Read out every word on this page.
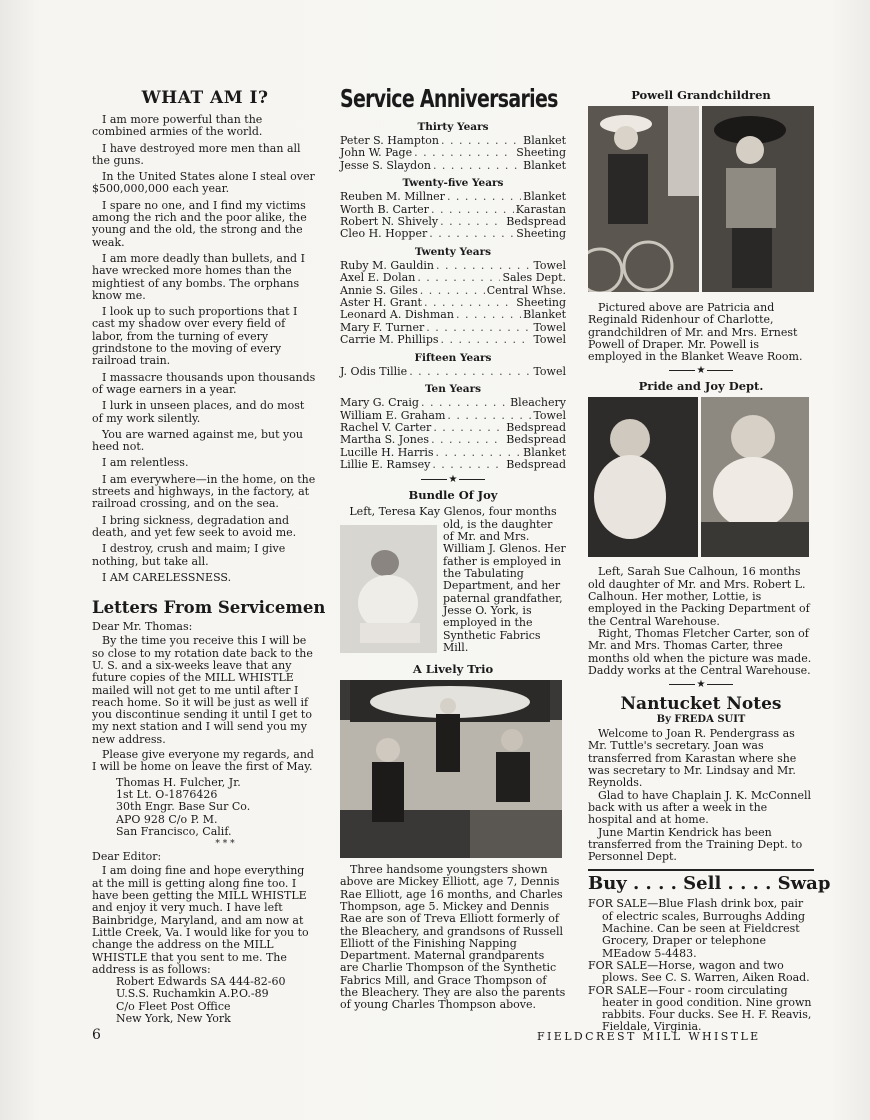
WHAT AM I?

I am more powerful than the combined armies of the world.

I have destroyed more men than all the guns.

In the United States alone I steal over $500,000,000 each year.

I spare no one, and I find my victims among the rich and the poor alike, the young and the old, the strong and the weak.

I am more deadly than bullets, and I have wrecked more homes than the mightiest of any bombs. The orphans know me.

I look up to such proportions that I cast my shadow over every field of labor, from the turning of every grindstone to the moving of every railroad train.

I massacre thousands upon thousands of wage earners in a year.

I lurk in unseen places, and do most of my work silently.

You are warned against me, but you heed not.

I am relentless.

I am everywhere—in the home, on the streets and highways, in the factory, at railroad crossing, and on the sea.

I bring sickness, degradation and death, and yet few seek to avoid me.

I destroy, crush and maim; I give nothing, but take all.

I AM CARELESSNESS.

Letters From Servicemen

Dear Mr. Thomas:

By the time you receive this I will be so close to my rotation date back to the U. S. and a six-weeks leave that any future copies of the MILL WHISTLE mailed will not get to me until after I reach home. So it will be just as well if you discontinue sending it until I get to my next station and I will send you my new address.

Please give everyone my regards, and I will be home on leave the first of May.

Thomas H. Fulcher, Jr.
1st Lt. O-1876426
30th Engr. Base Sur Co.
APO 928 C/o P. M.
San Francisco, Calif.
* * *

Dear Editor:

I am doing fine and hope everything at the mill is getting along fine too. I have been getting the MILL WHISTLE and enjoy it very much. I have left Bainbridge, Maryland, and am now at Little Creek, Va. I would like for you to change the address on the MILL WHISTLE that you sent to me. The address is as follows:

Robert Edwards SA 444-82-60
U.S.S. Ruchamkin A.P.O.-89
C/o Fleet Post Office
New York, New York
Service Anniversaries
Thirty Years
Peter S. Hampton . . .	Blanket
John W. Page . . .	Sheeting
Jesse S. Slaydon . . .	Blanket
Twenty-five Years
Reuben M. Millner . . .	Blanket
Worth B. Carter . . .	Karastan
Robert N. Shively . . .	Bedspread
Cleo H. Hopper . . .	Sheeting
Twenty Years
Ruby M. Gauldin . . .	Towel
Axel E. Dolan . . .	Sales Dept.
Annie S. Giles . . .	Central Whse.
Aster H. Grant . . .	Sheeting
Leonard A. Dishman . . .	Blanket
Mary F. Turner . . .	Towel
Carrie M. Phillips . . .	Towel
Fifteen Years
J. Odis Tillie . . .	Towel
Ten Years
Mary G. Craig . . .	Bleachery
William E. Graham . . .	Towel
Rachel V. Carter . . .	Bedspread
Martha S. Jones . . .	Bedspread
Lucille H. Harris . . .	Blanket
Lillie E. Ramsey . . .	Bedspread
★
Bundle Of Joy

Left, Teresa Kay Glenos, four months

old, is the daughter of Mr. and Mrs. William J. Glenos. Her father is employed in the Tabulating Department, and her paternal grandfather, Jesse O. York, is employed in the Synthetic Fabrics Mill.

A Lively Trio

Three handsome youngsters shown above are Mickey Elliott, age 7, Dennis Rae Elliott, age 16 months, and Charles Thompson, age 5. Mickey and Dennis Rae are son of Treva Elliott formerly of the Bleachery, and grandsons of Russell Elliott of the Finishing Napping Department. Maternal grandparents are Charlie Thompson of the Synthetic Fabrics Mill, and Grace Thompson of the Bleachery. They are also the parents of young Charles Thompson above.

Powell Grandchildren

Pictured above are Patricia and Reginald Ridenhour of Charlotte, grandchildren of Mr. and Mrs. Ernest Powell of Draper. Mr. Powell is employed in the Blanket Weave Room.

★
Pride and Joy Dept.

Left, Sarah Sue Calhoun, 16 months old daughter of Mr. and Mrs. Robert L. Calhoun. Her mother, Lottie, is employed in the Packing Department of the Central Warehouse.

Right, Thomas Fletcher Carter, son of Mr. and Mrs. Thomas Carter, three months old when the picture was made. Daddy works at the Central Warehouse.

★
Nantucket Notes
By FREDA SUIT

Welcome to Joan R. Pendergrass as Mr. Tuttle's secretary. Joan was transferred from Karastan where she was secretary to Mr. Lindsay and Mr. Reynolds.

Glad to have Chaplain J. K. McConnell back with us after a week in the hospital and at home.

June Martin Kendrick has been transferred from the Training Dept. to Personnel Dept.

Buy . . . . Sell . . . . Swap

FOR SALE—Blue Flash drink box, pair of electric scales, Burroughs Adding Machine. Can be seen at Fieldcrest Grocery, Draper or telephone MEadow 5-4483.

FOR SALE—Horse, wagon and two plows. See C. S. Warren, Aiken Road.

FOR SALE—Four - room circulating heater in good condition. Nine grown rabbits. Four ducks. See H. F. Reavis, Fieldale, Virginia.

6	FIELDCREST MILL WHISTLE
